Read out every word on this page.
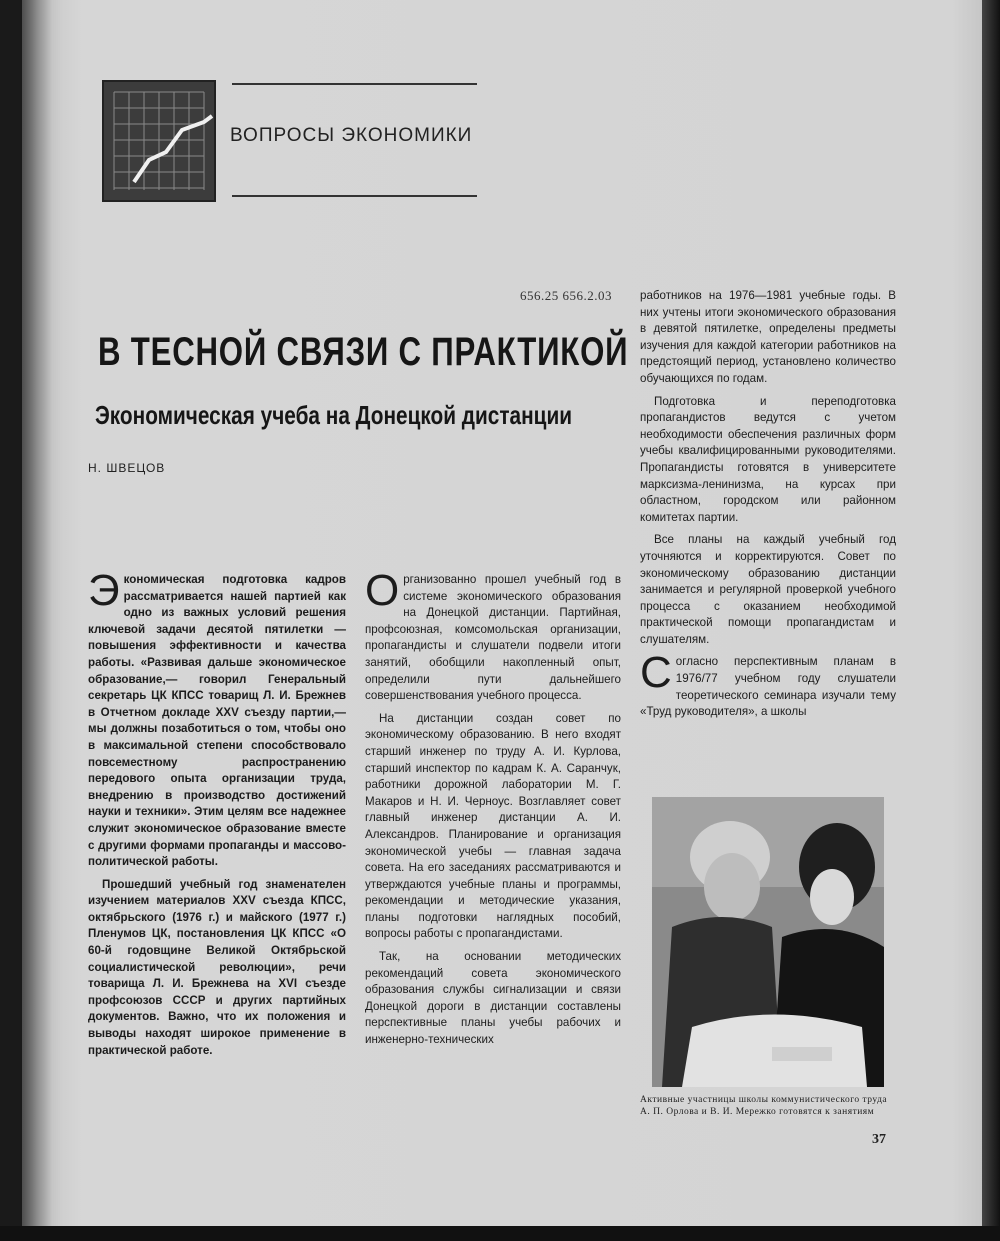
ВОПРОСЫ ЭКОНОМИКИ
656.25 656.2.03
В ТЕСНОЙ СВЯЗИ С ПРАКТИКОЙ
Экономическая учеба на Донецкой дистанции
Н. ШВЕЦОВ

Экономическая подготовка кадров рассматривается нашей партией как одно из важных условий решения ключевой задачи десятой пятилетки — повышения эффективности и качества работы. «Развивая дальше экономическое образование,— говорил Генеральный секретарь ЦК КПСС товарищ Л. И. Брежнев в Отчетном докладе XXV съезду партии,— мы должны позаботиться о том, чтобы оно в максимальной степени способствовало повсеместному распространению передового опыта организации труда, внедрению в производство достижений науки и техники». Этим целям все надежнее служит экономическое образование вместе с другими формами пропаганды и массово-политической работы.

Прошедший учебный год знаменателен изучением материалов XXV съезда КПСС, октябрьского (1976 г.) и майского (1977 г.) Пленумов ЦК, постановления ЦК КПСС «О 60-й годовщине Великой Октябрьской социалистической революции», речи товарища Л. И. Брежнева на XVI съезде профсоюзов СССР и других партийных документов. Важно, что их положения и выводы находят широкое применение в практической работе.

Организованно прошел учебный год в системе экономического образования на Донецкой дистанции. Партийная, профсоюзная, комсомольская организации, пропагандисты и слушатели подвели итоги занятий, обобщили накопленный опыт, определили пути дальнейшего совершенствования учебного процесса.

На дистанции создан совет по экономическому образованию. В него входят старший инженер по труду А. И. Курлова, старший инспектор по кадрам К. А. Саранчук, работники дорожной лаборатории М. Г. Макаров и Н. И. Черноус. Возглавляет совет главный инженер дистанции А. И. Александров. Планирование и организация экономической учебы — главная задача совета. На его заседаниях рассматриваются и утверждаются учебные планы и программы, рекомендации и методические указания, планы подготовки наглядных пособий, вопросы работы с пропагандистами.

Так, на основании методических рекомендаций совета экономического образования службы сигнализации и связи Донецкой дороги в дистанции составлены перспективные планы учебы рабочих и инженерно-технических

работников на 1976—1981 учебные годы. В них учтены итоги экономического образования в девятой пятилетке, определены предметы изучения для каждой категории работников на предстоящий период, установлено количество обучающихся по годам.

Подготовка и переподготовка пропагандистов ведутся с учетом необходимости обеспечения различных форм учебы квалифицированными руководителями. Пропагандисты готовятся в университете марксизма-ленинизма, на курсах при областном, городском или районном комитетах партии.

Все планы на каждый учебный год уточняются и корректируются. Совет по экономическому образованию дистанции занимается и регулярной проверкой учебного процесса с оказанием необходимой практической помощи пропагандистам и слушателям.

Согласно перспективным планам в 1976/77 учебном году слушатели теоретического семинара изучали тему «Труд руководителя», а школы

Активные участницы школы коммунистического труда А. П. Орлова и В. И. Мережко готовятся к занятиям
37
